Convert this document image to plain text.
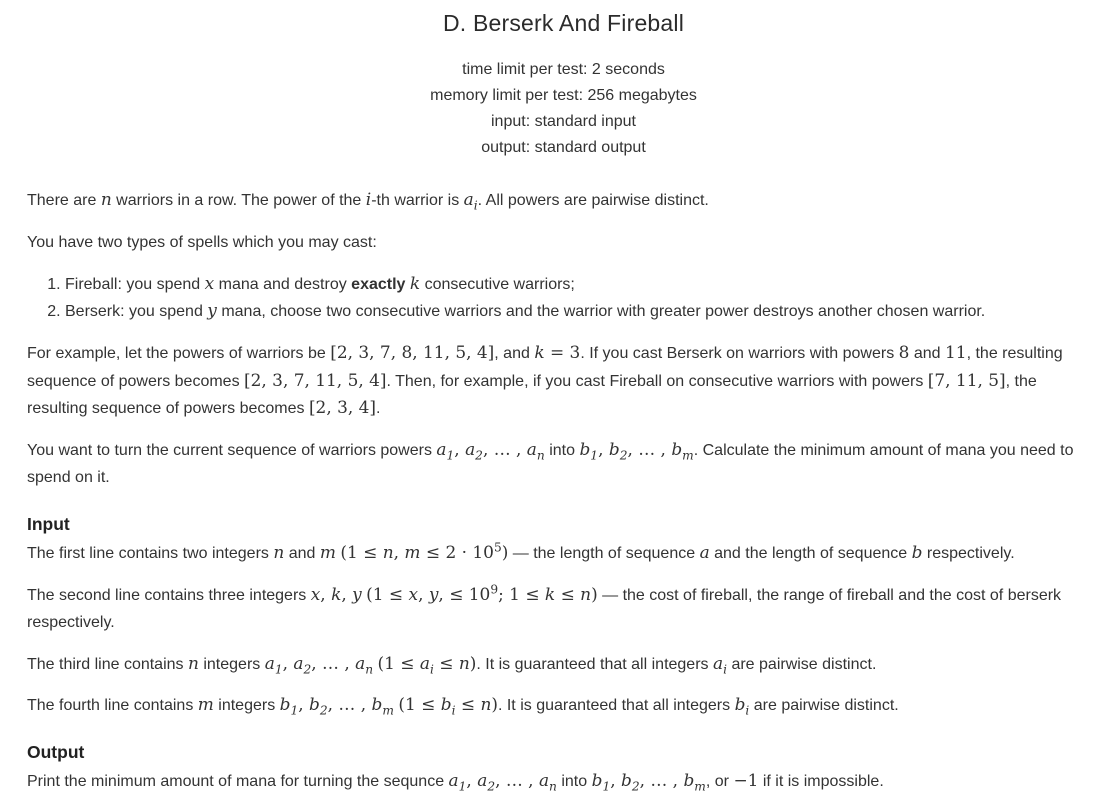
D. Berserk And Fireball
time limit per test: 2 seconds
memory limit per test: 256 megabytes
input: standard input
output: standard output

There are n warriors in a row. The power of the i-th warrior is $a_i$. All powers are pairwise distinct.

You have two types of spells which you may cast:

1. Fireball: you spend x mana and destroy exactly k consecutive warriors;
2. Berserk: you spend y mana, choose two consecutive warriors and the warrior with greater power destroys another chosen warrior.

For example, let the powers of warriors be [2, 3, 7, 8, 11, 5, 4], and k = 3. If you cast Berserk on warriors with powers 8 and 11, the resulting sequence of powers becomes [2, 3, 7, 11, 5, 4]. Then, for example, if you cast Fireball on consecutive warriors with powers [7, 11, 5], the resulting sequence of powers becomes [2, 3, 4].

You want to turn the current sequence of warriors powers $a_1$, $a_2$, … , $a_n$ into $b_1$, $b_2$, … , $b_m$. Calculate the minimum amount of mana you need to spend on it.

Input

The first line contains two integers n and m (1 ≤ n, $m \le 2 \cdot 10^5$) — the length of sequence a and the length of sequence b respectively.

The second line contains three integers x, k, y (1 ≤ x, y, ≤ $10^9$; 1 ≤ k ≤ n) — the cost of fireball, the range of fireball and the cost of berserk respectively.

The third line contains n integers $a_1$, $a_2$, … , $a_n$ $(1 \le a_i \le n)$. It is guaranteed that all integers $a_i$ are pairwise distinct.

The fourth line contains m integers $b_1$, $b_2$, … , $b_m$ $(1 \le b_i \le n)$. It is guaranteed that all integers $b_i$ are pairwise distinct.

Output

Print the minimum amount of mana for turning the sequnce $a_1$, $a_2$, … , $a_n$ into $b_1$, $b_2$, … , $b_m$, or −1 if it is impossible.
